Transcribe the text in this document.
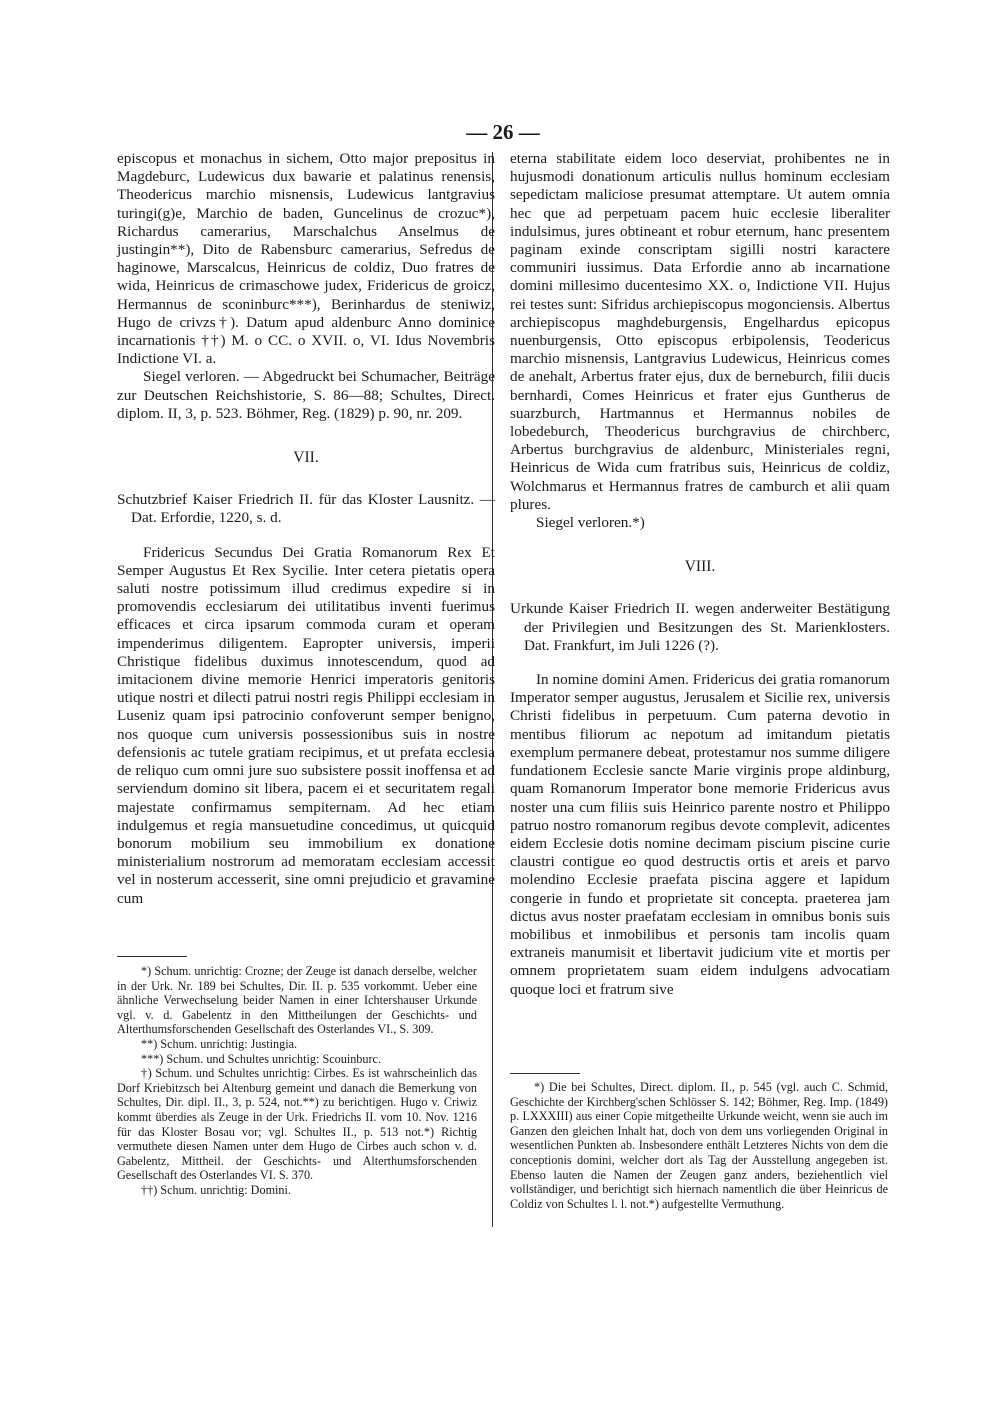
— 26 —

episcopus et monachus in sichem, Otto major prepositus in Magdeburc, Ludewicus dux bawarie et palatinus renensis, Theodericus marchio misnensis, Ludewicus lantgravius turingi(g)e, Marchio de baden, Guncelinus de crozuc*), Richardus camerarius, Marschalchus Anselmus de justingin**), Dito de Rabensburc camerarius, Sefredus de haginowe, Marscalcus, Heinricus de coldiz, Duo fratres de wida, Heinricus de crimaschowe judex, Fridericus de groicz, Hermannus de sconinburc***), Berinhardus de steniwiz, Hugo de crivzs†). Datum apud aldenburc Anno dominice incarnationis ††) M. o CC. o XVII. o, VI. Idus Novembris Indictione VI. a.

Siegel verloren. — Abgedruckt bei Schumacher, Beiträge zur Deutschen Reichshistorie, S. 86—88; Schultes, Direct. diplom. II, 3, p. 523. Böhmer, Reg. (1829) p. 90, nr. 209.

VII.

Schutzbrief Kaiser Friedrich II. für das Kloster Lausnitz. — Dat. Erfordie, 1220, s. d.

Fridericus Secundus Dei Gratia Romanorum Rex Et Semper Augustus Et Rex Sycilie. Inter cetera pietatis opera saluti nostre potissimum illud credimus expedire si in promovendis ecclesiarum dei utilitatibus inventi fuerimus efficaces et circa ipsarum commoda curam et operam impenderimus diligentem. Eapropter universis, imperii Christique fidelibus duximus innotescendum, quod ad imitacionem divine memorie Henrici imperatoris genitoris utique nostri et dilecti patrui nostri regis Philippi ecclesiam in Luseniz quam ipsi patrocinio confoverunt semper benigno, nos quoque cum universis possessionibus suis in nostre defensionis ac tutele gratiam recipimus, et ut prefata ecclesia de reliquo cum omni jure suo subsistere possit inoffensa et ad serviendum domino sit libera, pacem ei et securitatem regali majestate confirmamus sempiternam. Ad hec etiam indulgemus et regia mansuetudine concedimus, ut quicquid bonorum mobilium seu immobilium ex donatione ministerialium nostrorum ad memoratam ecclesiam accessit vel in nosterum accesserit, sine omni prejudicio et gravamine cum

*) Schum. unrichtig: Crozne; der Zeuge ist danach derselbe, welcher in der Urk. Nr. 189 bei Schultes, Dir. II. p. 535 vorkommt. Ueber eine ähnliche Verwechselung beider Namen in einer Ichtershauser Urkunde vgl. v. d. Gabelentz in den Mittheilungen der Geschichts- und Alterthumsforschenden Gesellschaft des Osterlandes VI., S. 309.

**) Schum. unrichtig: Justingia.

***) Schum. und Schultes unrichtig: Scouinburc.

†) Schum. und Schultes unrichtig: Cirbes. Es ist wahrscheinlich das Dorf Kriebitzsch bei Altenburg gemeint und danach die Bemerkung von Schultes, Dir. dipl. II., 3, p. 524, not.**) zu berichtigen. Hugo v. Criwiz kommt überdies als Zeuge in der Urk. Friedrichs II. vom 10. Nov. 1216 für das Kloster Bosau vor; vgl. Schultes II., p. 513 not.*) Richtig vermuthete diesen Namen unter dem Hugo de Cirbes auch schon v. d. Gabelentz, Mittheil. der Geschichts- und Alterthumsforschenden Gesellschaft des Osterlandes VI. S. 370.

††) Schum. unrichtig: Domini.

eterna stabilitate eidem loco deserviat, prohibentes ne in hujusmodi donationum articulis nullus hominum ecclesiam sepedictam maliciose presumat attemptare. Ut autem omnia hec que ad perpetuam pacem huic ecclesie liberaliter indulsimus, jures obtineant et robur eternum, hanc presentem paginam exinde conscriptam sigilli nostri karactere communiri iussimus. Data Erfordie anno ab incarnatione domini millesimo ducentesimo XX. o, Indictione VII. Hujus rei testes sunt: Sifridus archiepiscopus mogonciensis. Albertus archiepiscopus maghdeburgensis, Engelhardus epicopus nuenburgensis, Otto episcopus erbipolensis, Teodericus marchio misnensis, Lantgravius Ludewicus, Heinricus comes de anehalt, Arbertus frater ejus, dux de berneburch, filii ducis bernhardi, Comes Heinricus et frater ejus Guntherus de suarzburch, Hartmannus et Hermannus nobiles de lobedeburch, Theodericus burchgravius de chirchberc, Arbertus burchgravius de aldenburc, Ministeriales regni, Heinricus de Wida cum fratribus suis, Heinricus de coldiz, Wolchmarus et Hermannus fratres de camburch et alii quam plures.

Siegel verloren.*)

VIII.

Urkunde Kaiser Friedrich II. wegen anderweiter Bestätigung der Privilegien und Besitzungen des St. Marienklosters. Dat. Frankfurt, im Juli 1226 (?).

In nomine domini Amen. Fridericus dei gratia romanorum Imperator semper augustus, Jerusalem et Sicilie rex, universis Christi fidelibus in perpetuum. Cum paterna devotio in mentibus filiorum ac nepotum ad imitandum pietatis exemplum permanere debeat, protestamur nos summe diligere fundationem Ecclesie sancte Marie virginis prope aldinburg, quam Romanorum Imperator bone memorie Fridericus avus noster una cum filiis suis Heinrico parente nostro et Philippo patruo nostro romanorum regibus devote complevit, adicentes eidem Ecclesie dotis nomine decimam piscium piscine curie claustri contigue eo quod destructis ortis et areis et parvo molendino Ecclesie praefata piscina aggere et lapidum congerie in fundo et proprietate sit concepta. praeterea jam dictus avus noster praefatam ecclesiam in omnibus bonis suis mobilibus et inmobilibus et personis tam incolis quam extraneis manumisit et libertavit judicium vite et mortis per omnem proprietatem suam eidem indulgens advocatiam quoque loci et fratrum sive

*) Die bei Schultes, Direct. diplom. II., p. 545 (vgl. auch C. Schmid, Geschichte der Kirchberg'schen Schlösser S. 142; Böhmer, Reg. Imp. (1849) p. LXXXIII) aus einer Copie mitgetheilte Urkunde weicht, wenn sie auch im Ganzen den gleichen Inhalt hat, doch von dem uns vorliegenden Original in wesentlichen Punkten ab. Insbesondere enthält Letzteres Nichts von dem die conceptionis domini, welcher dort als Tag der Ausstellung angegeben ist. Ebenso lauten die Namen der Zeugen ganz anders, beziehentlich viel vollständiger, und berichtigt sich hiernach namentlich die über Heinricus de Coldiz von Schultes l. l. not.*) aufgestellte Vermuthung.
